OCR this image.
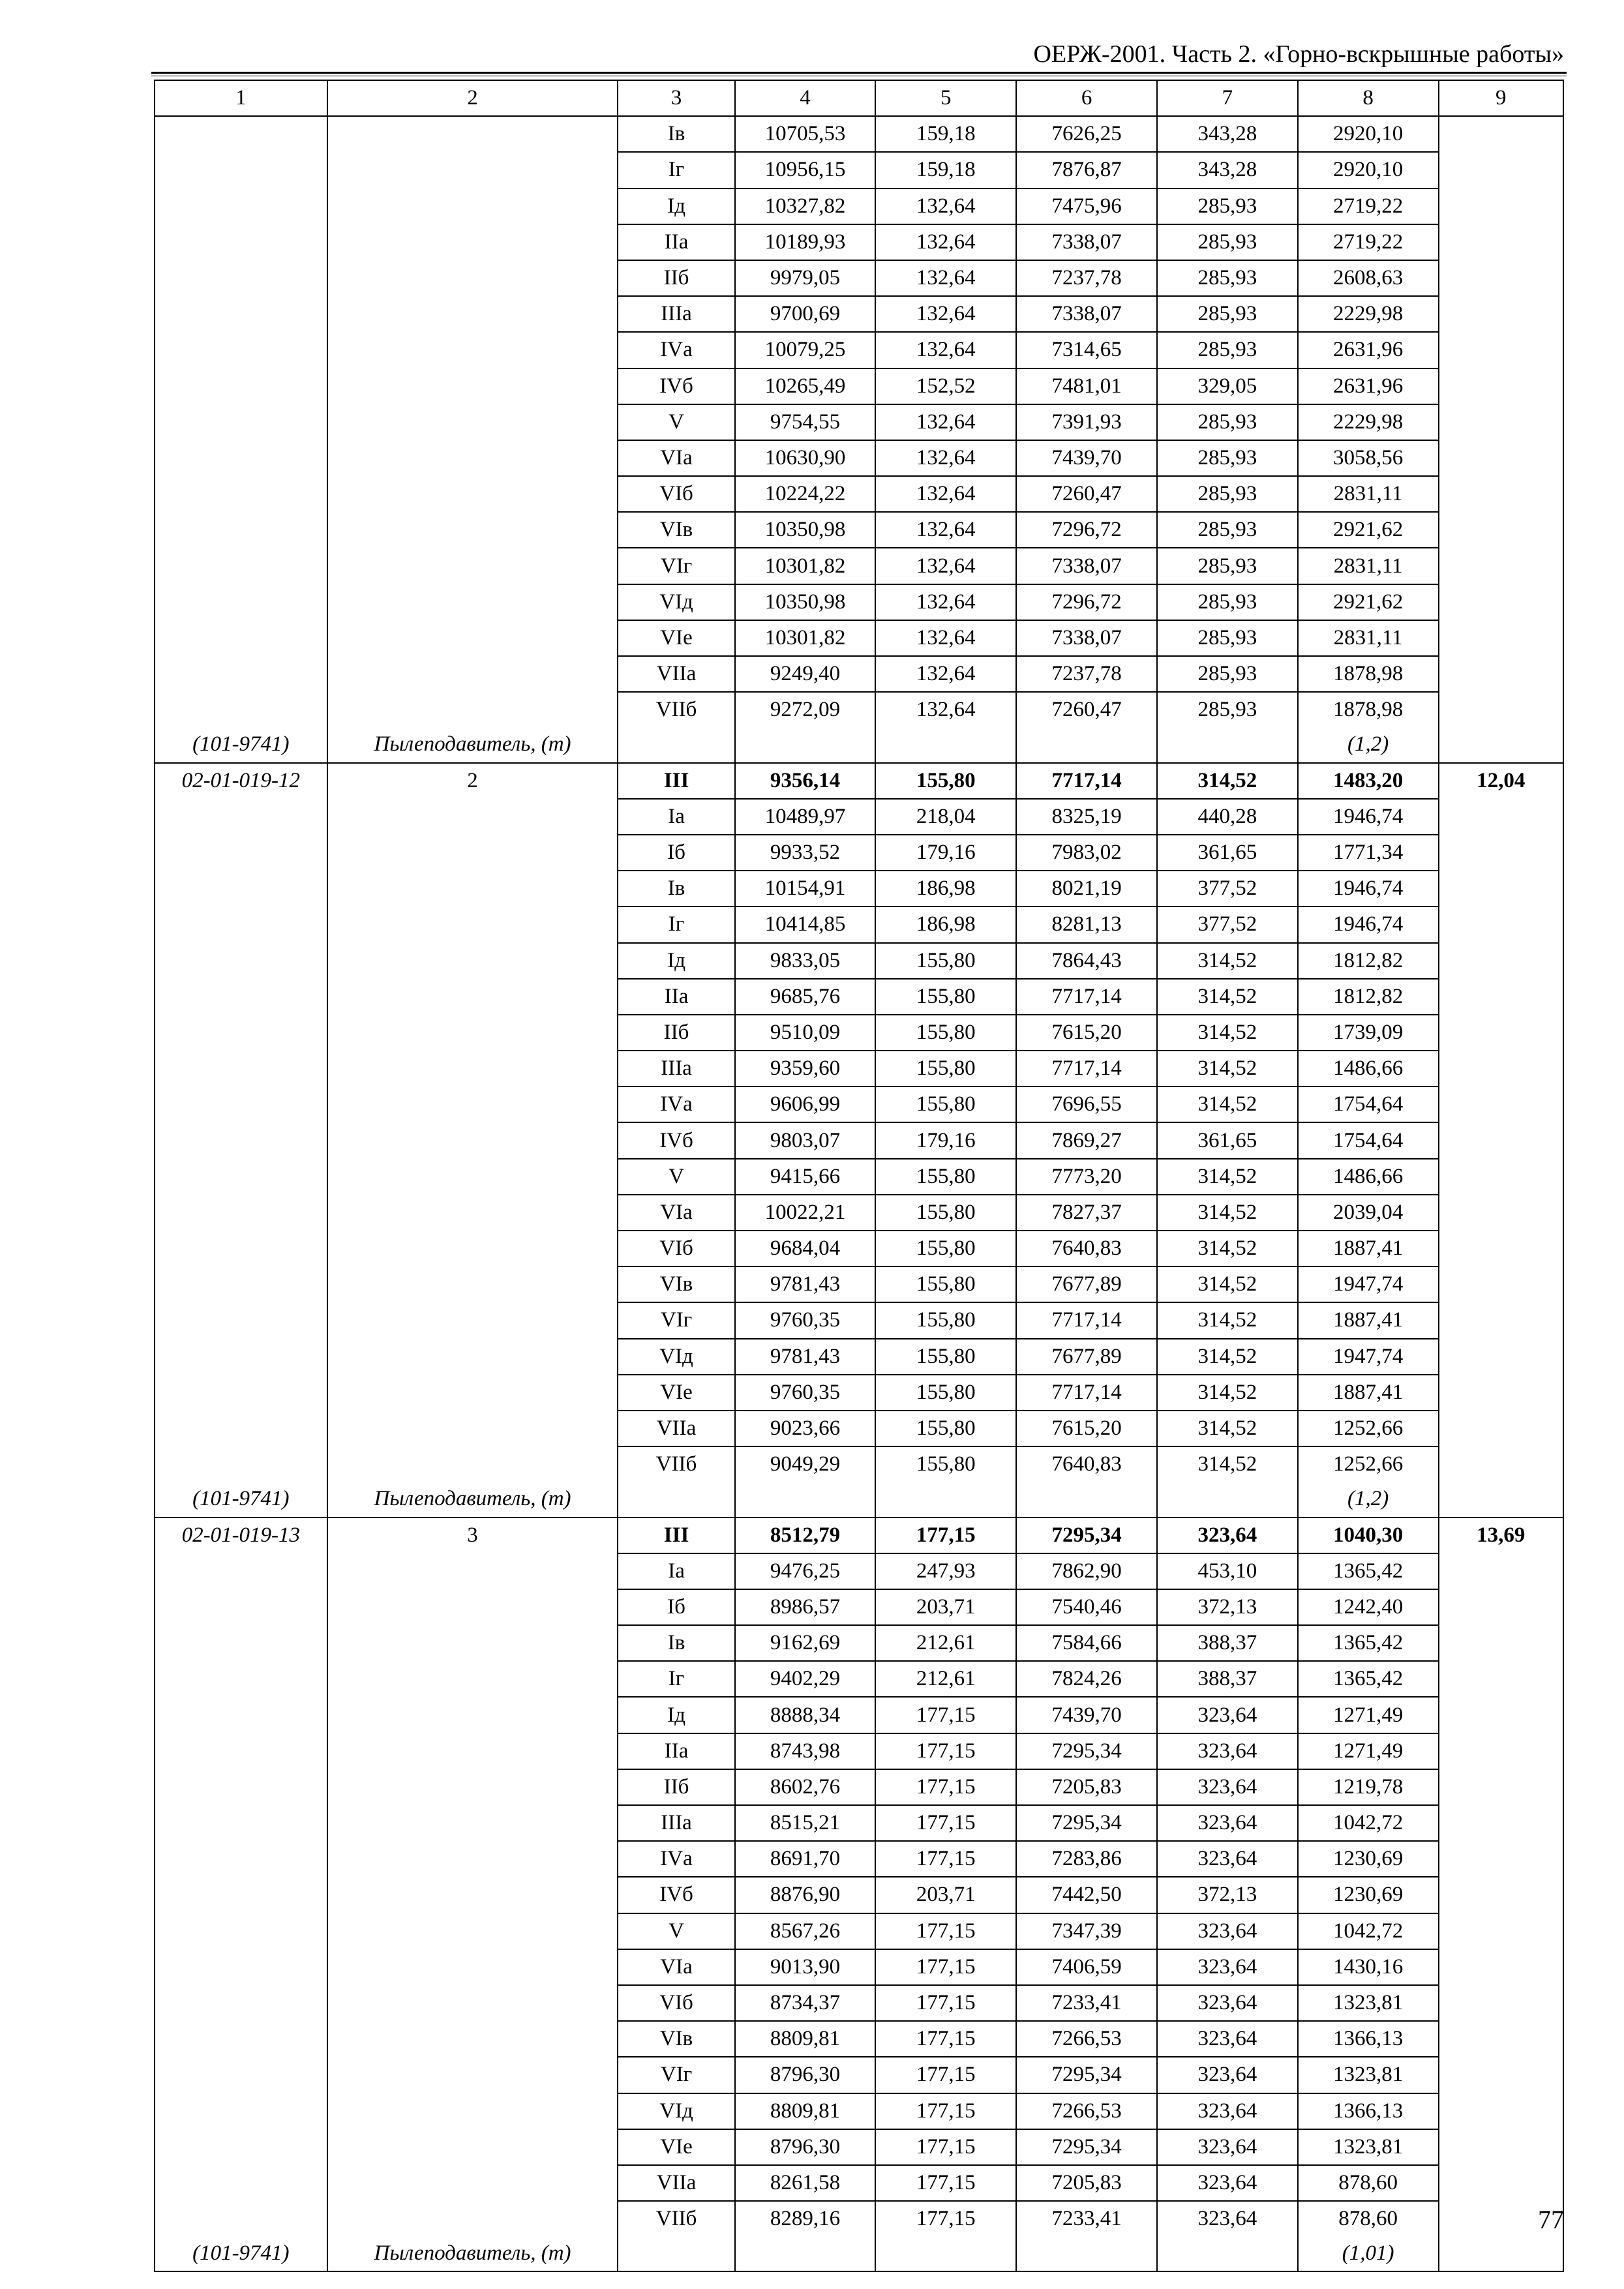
ОЕРЖ-2001. Часть 2. «Горно-вскрышные работы»
1	2	3	4	5	6	7	8	9
		Iв	10705,53	159,18	7626,25	343,28	2920,10	
		Iг	10956,15	159,18	7876,87	343,28	2920,10	
		Iд	10327,82	132,64	7475,96	285,93	2719,22	
		IIа	10189,93	132,64	7338,07	285,93	2719,22	
		IIб	9979,05	132,64	7237,78	285,93	2608,63	
		IIIа	9700,69	132,64	7338,07	285,93	2229,98	
		IVа	10079,25	132,64	7314,65	285,93	2631,96	
		IVб	10265,49	152,52	7481,01	329,05	2631,96	
		V	9754,55	132,64	7391,93	285,93	2229,98	
		VIа	10630,90	132,64	7439,70	285,93	3058,56	
		VIб	10224,22	132,64	7260,47	285,93	2831,11	
		VIв	10350,98	132,64	7296,72	285,93	2921,62	
		VIг	10301,82	132,64	7338,07	285,93	2831,11	
		VIд	10350,98	132,64	7296,72	285,93	2921,62	
		VIе	10301,82	132,64	7338,07	285,93	2831,11	
		VIIа	9249,40	132,64	7237,78	285,93	1878,98	
		VIIб	9272,09	132,64	7260,47	285,93	1878,98	
(101-9741)	Пылеподавитель, (т)						(1,2)	
02-01-019-12	2	III	9356,14	155,80	7717,14	314,52	1483,20	12,04
		Iа	10489,97	218,04	8325,19	440,28	1946,74	
		Iб	9933,52	179,16	7983,02	361,65	1771,34	
		Iв	10154,91	186,98	8021,19	377,52	1946,74	
		Iг	10414,85	186,98	8281,13	377,52	1946,74	
		Iд	9833,05	155,80	7864,43	314,52	1812,82	
		IIа	9685,76	155,80	7717,14	314,52	1812,82	
		IIб	9510,09	155,80	7615,20	314,52	1739,09	
		IIIа	9359,60	155,80	7717,14	314,52	1486,66	
		IVа	9606,99	155,80	7696,55	314,52	1754,64	
		IVб	9803,07	179,16	7869,27	361,65	1754,64	
		V	9415,66	155,80	7773,20	314,52	1486,66	
		VIа	10022,21	155,80	7827,37	314,52	2039,04	
		VIб	9684,04	155,80	7640,83	314,52	1887,41	
		VIв	9781,43	155,80	7677,89	314,52	1947,74	
		VIг	9760,35	155,80	7717,14	314,52	1887,41	
		VIд	9781,43	155,80	7677,89	314,52	1947,74	
		VIе	9760,35	155,80	7717,14	314,52	1887,41	
		VIIа	9023,66	155,80	7615,20	314,52	1252,66	
		VIIб	9049,29	155,80	7640,83	314,52	1252,66	
(101-9741)	Пылеподавитель, (т)						(1,2)	
02-01-019-13	3	III	8512,79	177,15	7295,34	323,64	1040,30	13,69
		Iа	9476,25	247,93	7862,90	453,10	1365,42	
		Iб	8986,57	203,71	7540,46	372,13	1242,40	
		Iв	9162,69	212,61	7584,66	388,37	1365,42	
		Iг	9402,29	212,61	7824,26	388,37	1365,42	
		Iд	8888,34	177,15	7439,70	323,64	1271,49	
		IIа	8743,98	177,15	7295,34	323,64	1271,49	
		IIб	8602,76	177,15	7205,83	323,64	1219,78	
		IIIа	8515,21	177,15	7295,34	323,64	1042,72	
		IVа	8691,70	177,15	7283,86	323,64	1230,69	
		IVб	8876,90	203,71	7442,50	372,13	1230,69	
		V	8567,26	177,15	7347,39	323,64	1042,72	
		VIа	9013,90	177,15	7406,59	323,64	1430,16	
		VIб	8734,37	177,15	7233,41	323,64	1323,81	
		VIв	8809,81	177,15	7266,53	323,64	1366,13	
		VIг	8796,30	177,15	7295,34	323,64	1323,81	
		VIд	8809,81	177,15	7266,53	323,64	1366,13	
		VIе	8796,30	177,15	7295,34	323,64	1323,81	
		VIIа	8261,58	177,15	7205,83	323,64	878,60	
		VIIб	8289,16	177,15	7233,41	323,64	878,60	
(101-9741)	Пылеподавитель, (т)						(1,01)	
77
